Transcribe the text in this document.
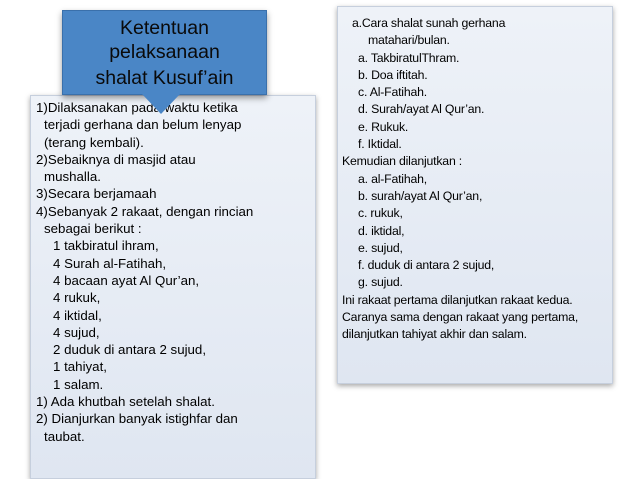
1)Dilaksanakan pada waktu ketika
terjadi gerhana dan belum lenyap
(terang kembali).
2)Sebaiknya di masjid atau
mushalla.
3)Secara berjamaah
4)Sebanyak 2 rakaat, dengan rincian
sebagai berikut :
1 takbiratul ihram,
4 Surah al-Fatihah,
4 bacaan ayat Al Qur’an,
4 rukuk,
4 iktidal,
4 sujud,
2 duduk di antara 2 sujud,
1 tahiyat,
1 salam.
1) Ada khutbah setelah shalat.
2) Dianjurkan banyak istighfar dan
taubat.
Ketentuan
pelaksanaan
shalat Kusuf’ain
a.Cara shalat sunah gerhana
matahari/bulan.
a. TakbiratulThram.
b. Doa iftitah.
c. Al-Fatihah.
d. Surah/ayat Al Qur’an.
e. Rukuk.
f. Iktidal.
Kemudian dilanjutkan :
a. al-Fatihah,
b. surah/ayat Al Qur’an,
c. rukuk,
d. iktidal,
e. sujud,
f. duduk di antara 2 sujud,
g. sujud.
Ini rakaat pertama dilanjutkan rakaat kedua.
Caranya sama dengan rakaat yang pertama,
dilanjutkan tahiyat akhir dan salam.
